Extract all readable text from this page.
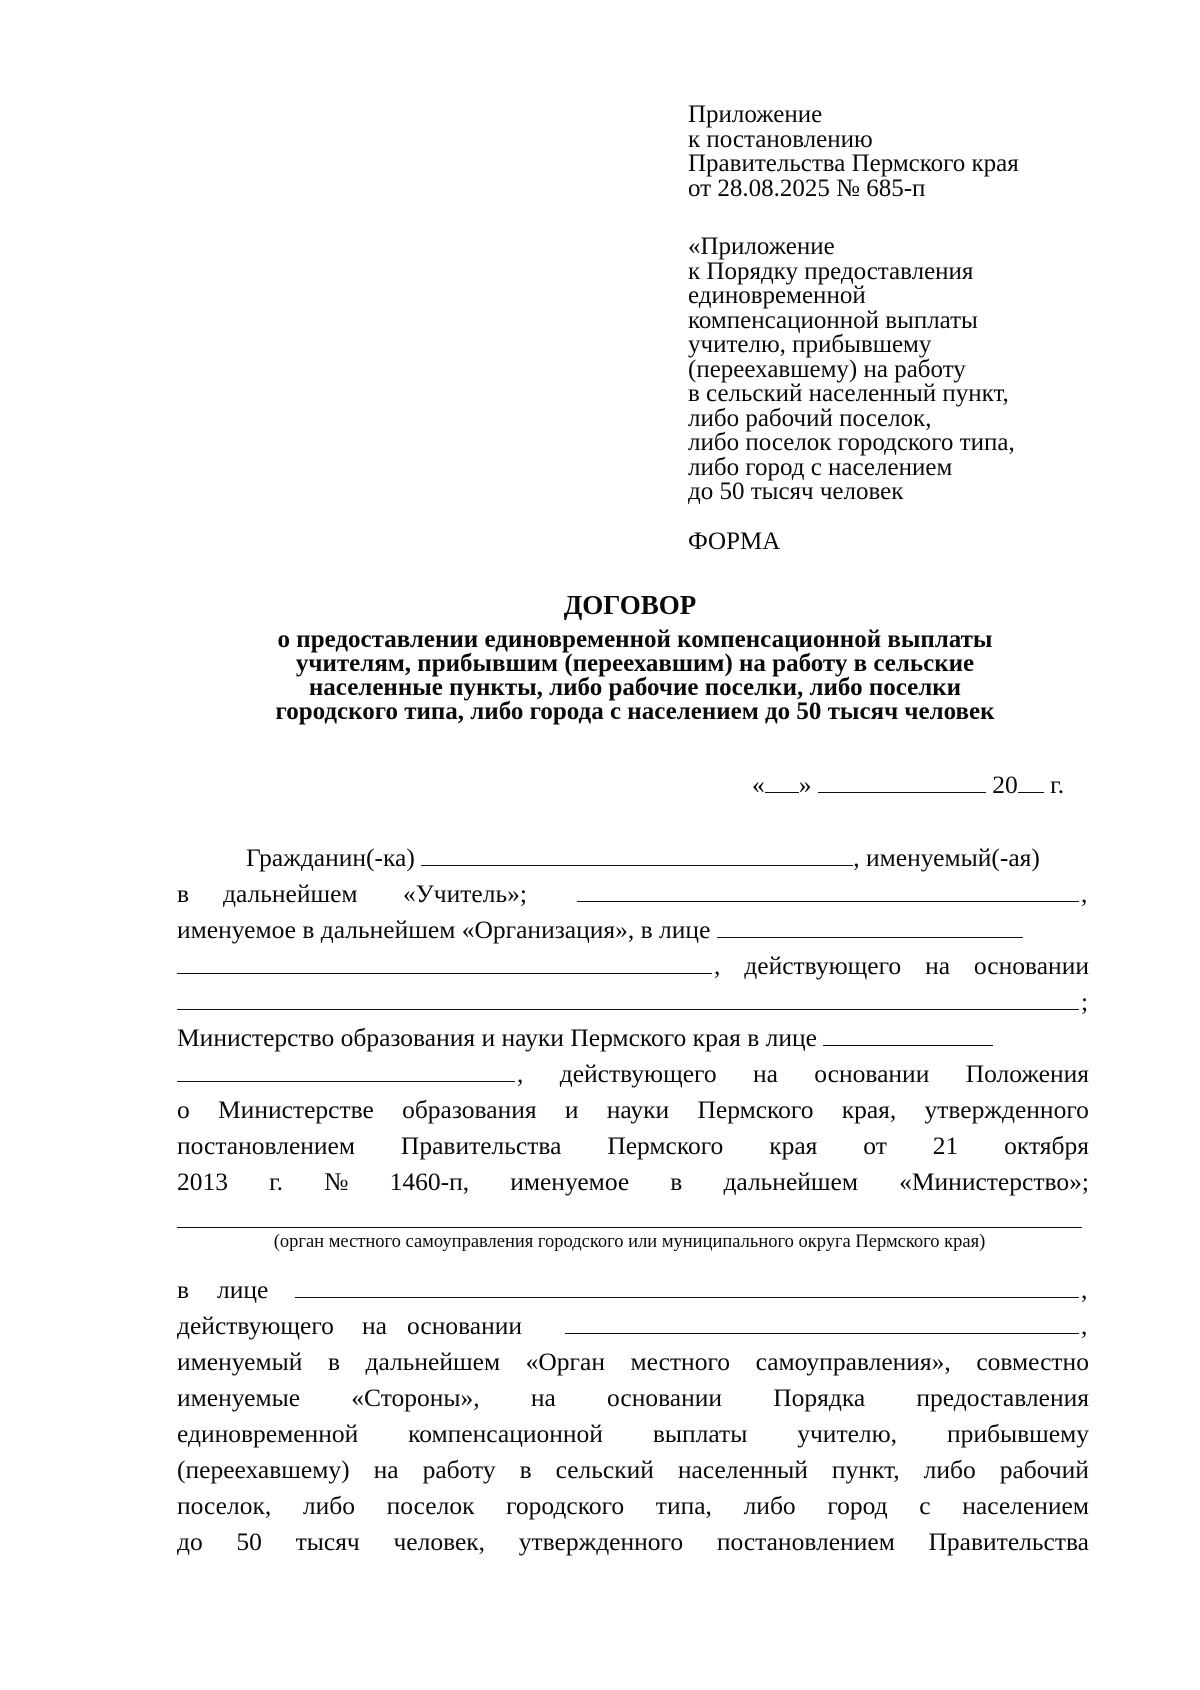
Приложение
к постановлению
Правительства Пермского края
от 28.08.2025 № 685-п
«Приложение
к Порядку предоставления
единовременной
компенсационной выплаты
учителю, прибывшему
(переехавшему) на работу
в сельский населенный пункт,
либо рабочий поселок,
либо поселок городского типа,
либо город с населением
до 50 тысяч человек
ФОРМА
ДОГОВОР
о предоставлении единовременной компенсационной выплаты
учителям, прибывшим (переехавшим) на работу в сельские
населенные пункты, либо рабочие поселки, либо поселки
городского типа, либо города с населением до 50 тысяч человек
« »	20 г.
Гражданин(-ка)	, именуемый(-ая)
в дальнейшем «Учитель»;	,
именуемое в дальнейшем «Организация», в лице
, действующего на основании
;
Министерство образования и науки Пермского края в лице
, действующего на основании Положения
о Министерстве образования и науки Пермского края, утвержденного
постановлением Правительства Пермского края от 21 октября
2013 г. № 1460-п, именуемое в дальнейшем «Министерство»;
(орган местного самоуправления городского или муниципального округа Пермского края)
в лице	,
действующего на основании	,
именуемый в дальнейшем «Орган местного самоуправления», совместно
именуемые «Стороны», на основании Порядка предоставления
единовременной компенсационной выплаты учителю, прибывшему
(переехавшему) на работу в сельский населенный пункт, либо рабочий
поселок, либо поселок городского типа, либо город с населением
до 50 тысяч человек, утвержденного постановлением Правительства
